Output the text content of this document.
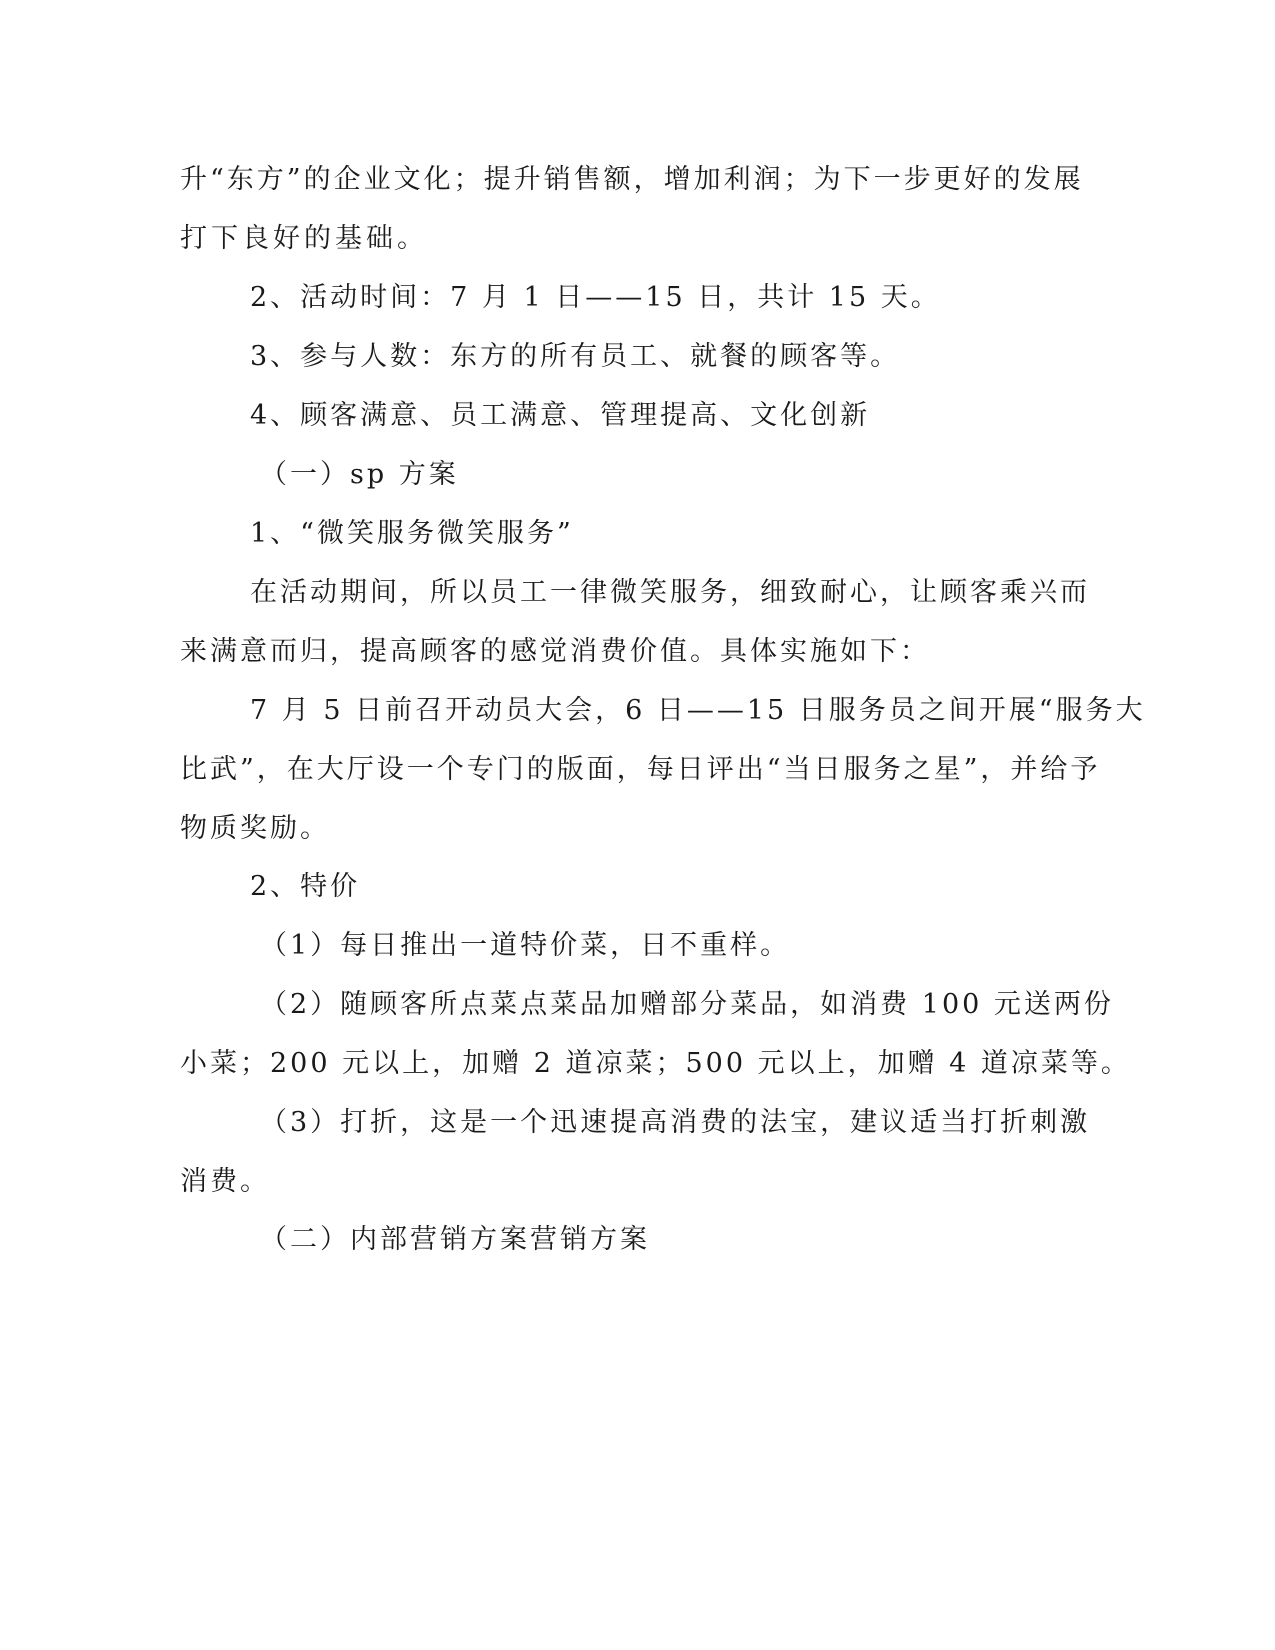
升“东方”的企业文化；提升销售额，增加利润；为下一步更好的发展
打下良好的基础。

2、活动时间：7 月 1 日——15 日，共计 15 天。

3、参与人数：东方的所有员工、就餐的顾客等。

4、顾客满意、员工满意、管理提高、文化创新

（一）sp 方案

1、“微笑服务微笑服务”

在活动期间，所以员工一律微笑服务，细致耐心，让顾客乘兴而
来满意而归，提高顾客的感觉消费价值。具体实施如下：

7 月 5 日前召开动员大会，6 日——15 日服务员之间开展“服务大
比武”，在大厅设一个专门的版面，每日评出“当日服务之星”，并给予
物质奖励。

2、特价

（1）每日推出一道特价菜，日不重样。

（2）随顾客所点菜点菜品加赠部分菜品，如消费 100 元送两份
小菜；200 元以上，加赠 2 道凉菜；500 元以上，加赠 4 道凉菜等。

（3）打折，这是一个迅速提高消费的法宝，建议适当打折刺激
消费。

（二）内部营销方案营销方案
